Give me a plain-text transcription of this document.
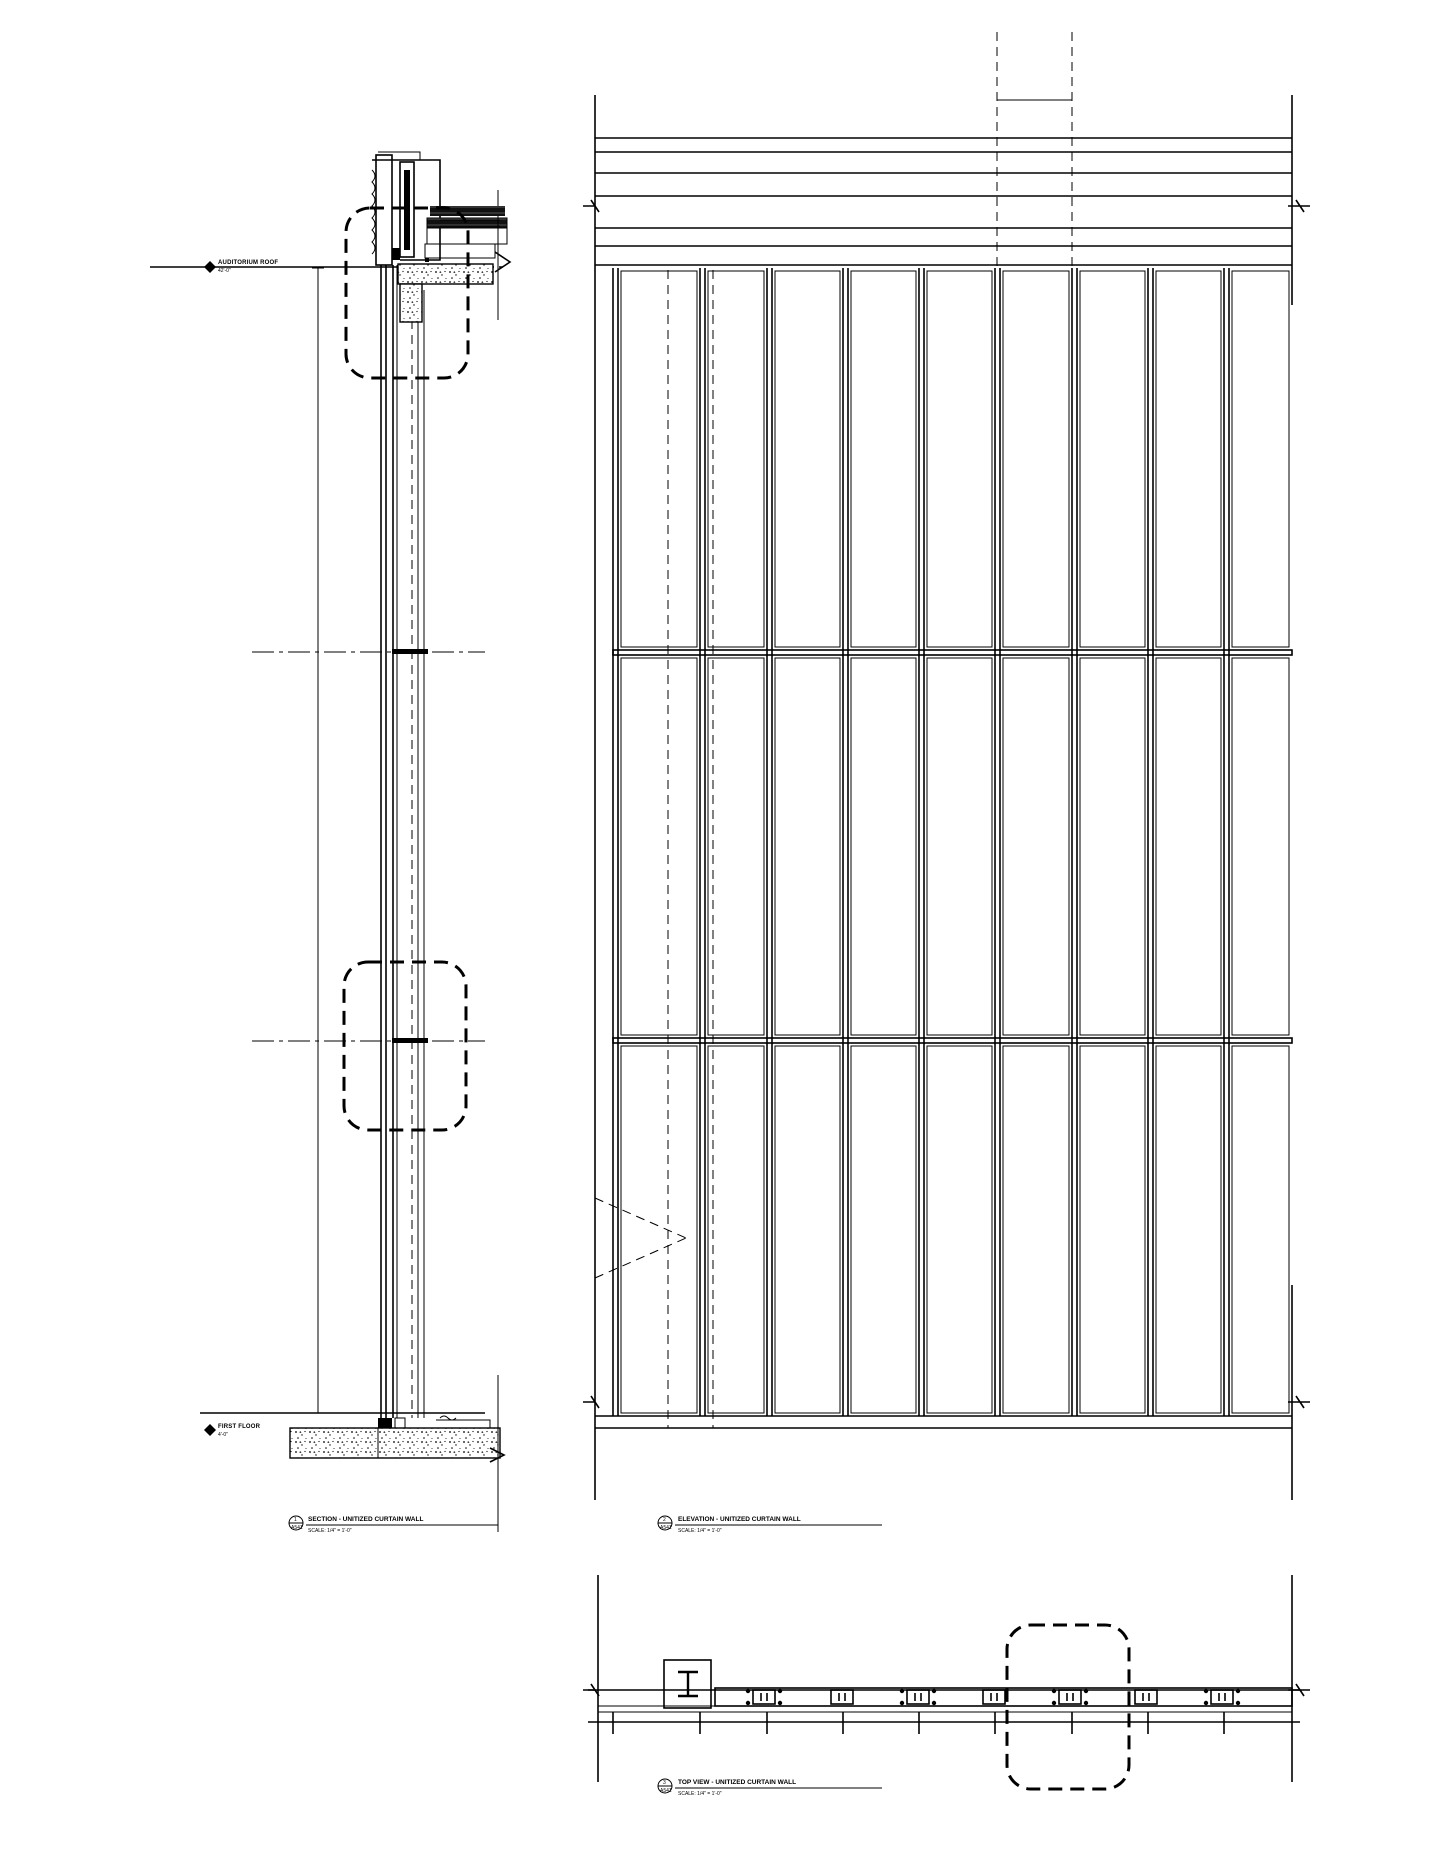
AUDITORIUM ROOF
42'-0"
FIRST FLOOR
4'-0"
1
A541
SECTION - UNITIZED CURTAIN WALL
SCALE: 1/4" = 1'-0"
2
A541
ELEVATION - UNITIZED CURTAIN WALL
SCALE: 1/4" = 1'-0"
3
A541
TOP VIEW - UNITIZED CURTAIN WALL
SCALE: 1/4" = 1'-0"
